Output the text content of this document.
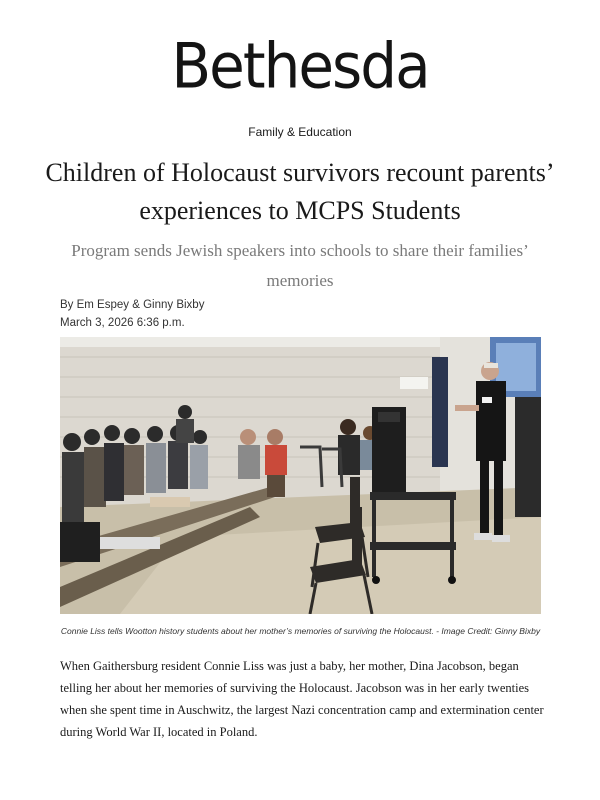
Bethesda
Family & Education
Children of Holocaust survivors recount parents’ experiences to MCPS Students

Program sends Jewish speakers into schools to share their families’ memories

By Em Espey & Ginny Bixby
March 3, 2026 6:36 p.m.
Connie Liss tells Wootton history students about her mother’s memories of surviving the Holocaust. - Image Credit: Ginny Bixby

When Gaithersburg resident Connie Liss was just a baby, her mother, Dina Jacobson, began telling her about her memories of surviving the Holocaust. Jacobson was in her early twenties when she spent time in Auschwitz, the largest Nazi concentration camp and extermination center during World War II, located in Poland.
